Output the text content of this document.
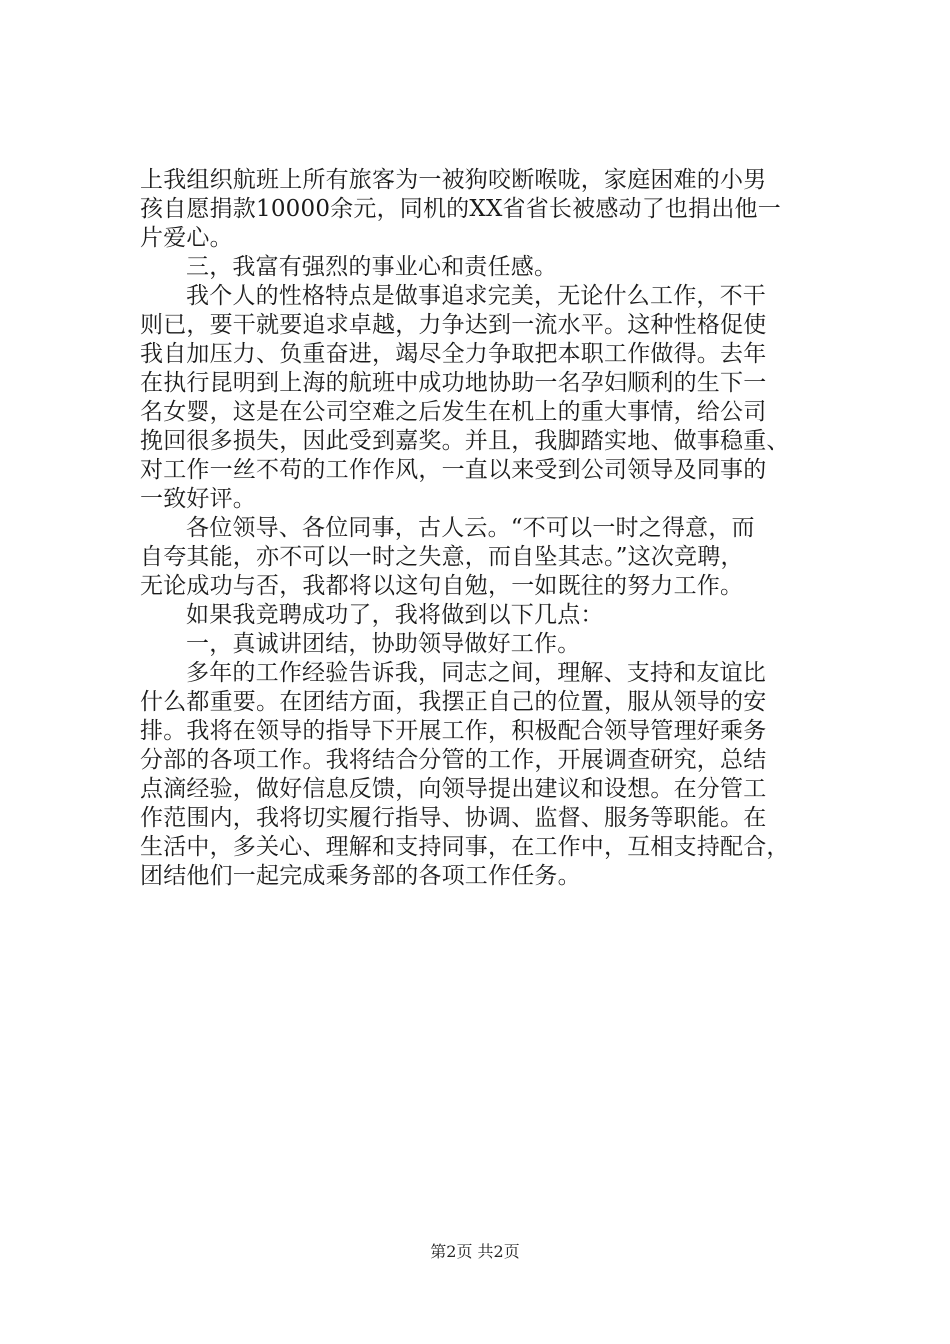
上我组织航班上所有旅客为一被狗咬断喉咙，家庭困难的小男
孩自愿捐款10000余元，同机的XX省省长被感动了也捐出他一
片爱心。
三，我富有强烈的事业心和责任感。
我个人的性格特点是做事追求完美，无论什么工作，不干
则已，要干就要追求卓越，力争达到一流水平。这种性格促使
我自加压力、负重奋进，竭尽全力争取把本职工作做得。去年
在执行昆明到上海的航班中成功地协助一名孕妇顺利的生下一
名女婴，这是在公司空难之后发生在机上的重大事情，给公司
挽回很多损失，因此受到嘉奖。并且，我脚踏实地、做事稳重、
对工作一丝不苟的工作作风，一直以来受到公司领导及同事的
一致好评。
各位领导、各位同事，古人云。“不可以一时之得意，而
自夸其能，亦不可以一时之失意，而自坠其志。”这次竞聘，
无论成功与否，我都将以这句自勉，一如既往的努力工作。
如果我竞聘成功了，我将做到以下几点：
一，真诚讲团结，协助领导做好工作。
多年的工作经验告诉我，同志之间，理解、支持和友谊比
什么都重要。在团结方面，我摆正自己的位置，服从领导的安
排。我将在领导的指导下开展工作，积极配合领导管理好乘务
分部的各项工作。我将结合分管的工作，开展调查研究，总结
点滴经验，做好信息反馈，向领导提出建议和设想。在分管工
作范围内，我将切实履行指导、协调、监督、服务等职能。在
生活中，多关心、理解和支持同事，在工作中，互相支持配合，
团结他们一起完成乘务部的各项工作任务。
第2页 共2页
